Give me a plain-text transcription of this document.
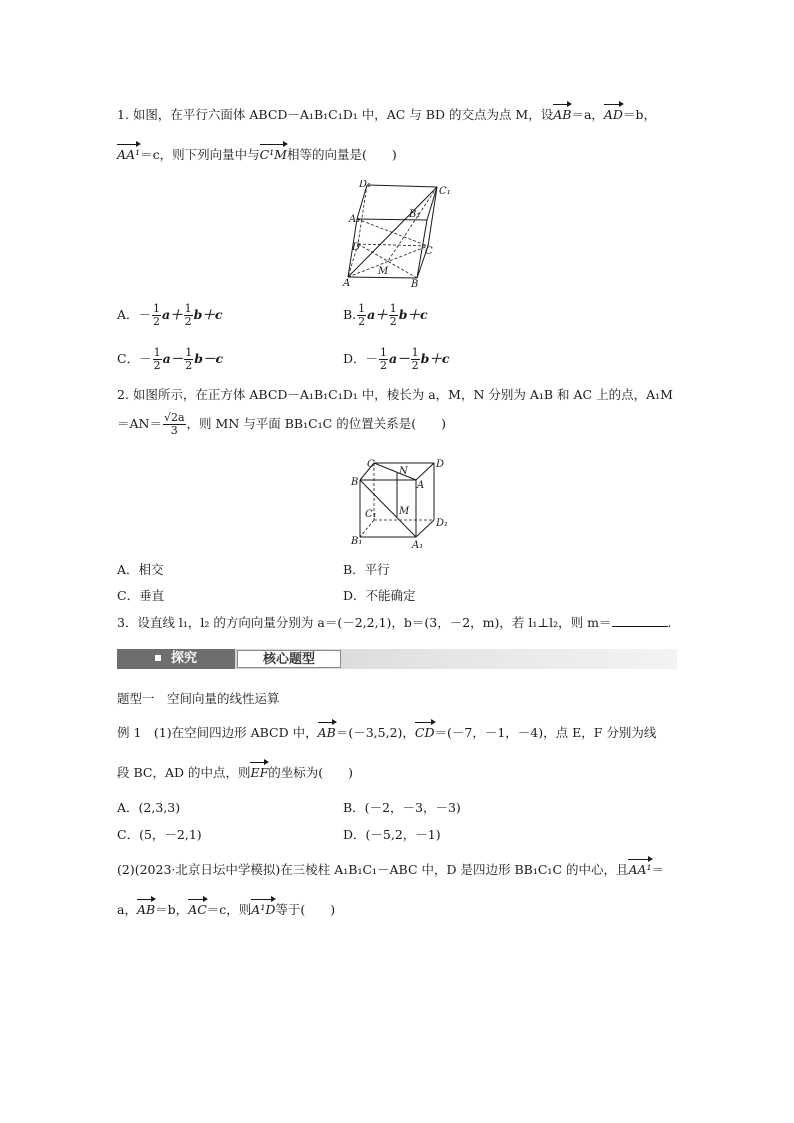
1. 如图，在平行六面体 ABCD－A₁B₁C₁D₁ 中，AC 与 BD 的交点为点 M，设AB＝a，AD＝b，
AA¹＝c，则下列向量中与C¹M相等的向量是(　　)
D₁
C₁
A₁	B₁
D	C
M
A	B
A．－ $\frac{1}{2} a+ \frac{1}{2} b+c$	B. $\frac{1}{2} a+ \frac{1}{2} b+c$
C．－ $\frac{1}{2} a- \frac{1}{2} b-c$	D．－ $\frac{1}{2} a- \frac{1}{2} b+c$
2. 如图所示，在正方体 ABCD－A₁B₁C₁D₁ 中，棱长为 a，M，N 分别为 A₁B 和 AC 上的点，A₁M
$=AN= \frac{√2a}{3}$ ，则 MN 与平面 BB₁C₁C 的位置关系是(　　)
C
N
D
B	A
C₁ M
D₁
B₁	A₁
A．相交	B．平行
C．垂直	D．不能确定
3．设直线 l₁，l₂ 的方向向量分别为 a＝(－2,2,1)，b＝(3，－2，m)，若 l₁⊥l₂，则 m＝	.
探究	核心题型
题型一　空间向量的线性运算
例 1　(1)在空间四边形 ABCD 中，AB＝(－3,5,2)，CD＝(－7，－1，－4)，点 E，F 分别为线
段 BC，AD 的中点，则EF的坐标为(　　)
A．(2,3,3)	B．(－2，－3，－3)
C．(5，－2,1)	D．(－5,2，－1)
(2)(2023·北京日坛中学模拟)在三棱柱 A₁B₁C₁－ABC 中，D 是四边形 BB₁C₁C 的中心，且AA¹＝
a，AB＝b，AC＝c，则A¹D等于(　　)
